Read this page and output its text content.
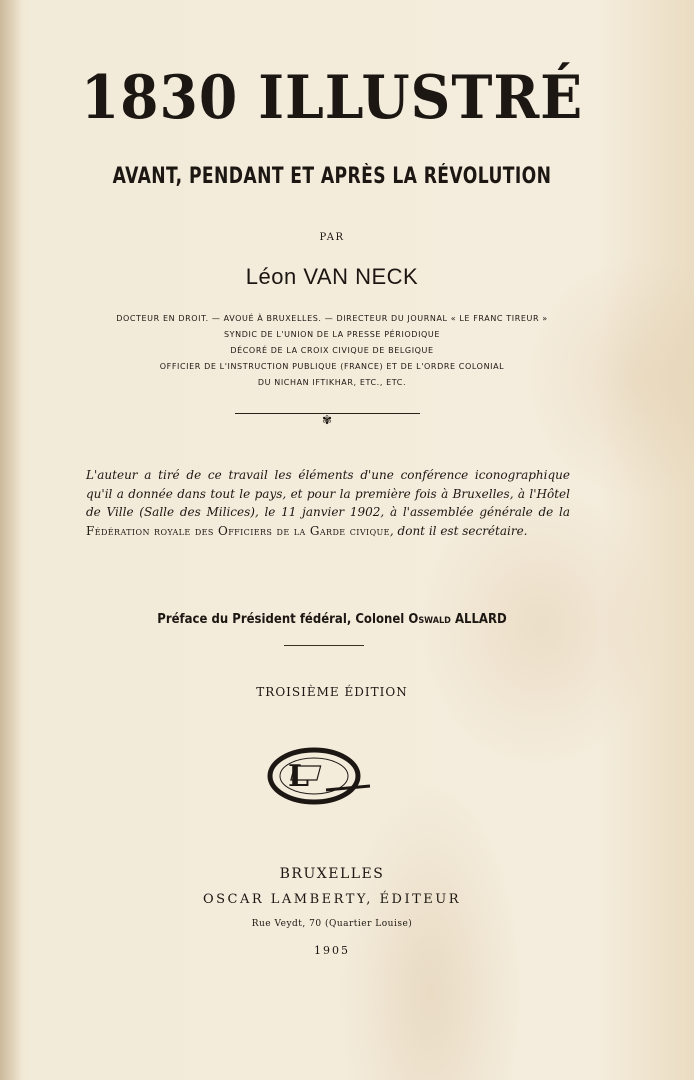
1830 ILLUSTRÉ
AVANT, PENDANT ET APRÈS LA RÉVOLUTION
PAR
Léon VAN NECK
DOCTEUR EN DROIT. — AVOUÉ À BRUXELLES. — DIRECTEUR DU JOURNAL « LE FRANC TIREUR »
SYNDIC DE L'UNION DE LA PRESSE PÉRIODIQUE
DÉCORÉ DE LA CROIX CIVIQUE DE BELGIQUE
OFFICIER DE L'INSTRUCTION PUBLIQUE (FRANCE) ET DE L'ORDRE COLONIAL
DU NICHAN IFTIKHAR, ETC., ETC.
✾
L'auteur a tiré de ce travail les éléments d'une conférence iconographique qu'il a donnée dans tout le pays, et pour la première fois à Bruxelles, à l'Hôtel de Ville (Salle des Milices), le 11 janvier 1902, à l'assemblée générale de la Fédération royale des Officiers de la Garde civique, dont il est secrétaire.
Préface du Président fédéral, Colonel Oswald ALLARD
TROISIÈME ÉDITION
L
BRUXELLES
OSCAR LAMBERTY, ÉDITEUR
Rue Veydt, 70 (Quartier Louise)
1905
